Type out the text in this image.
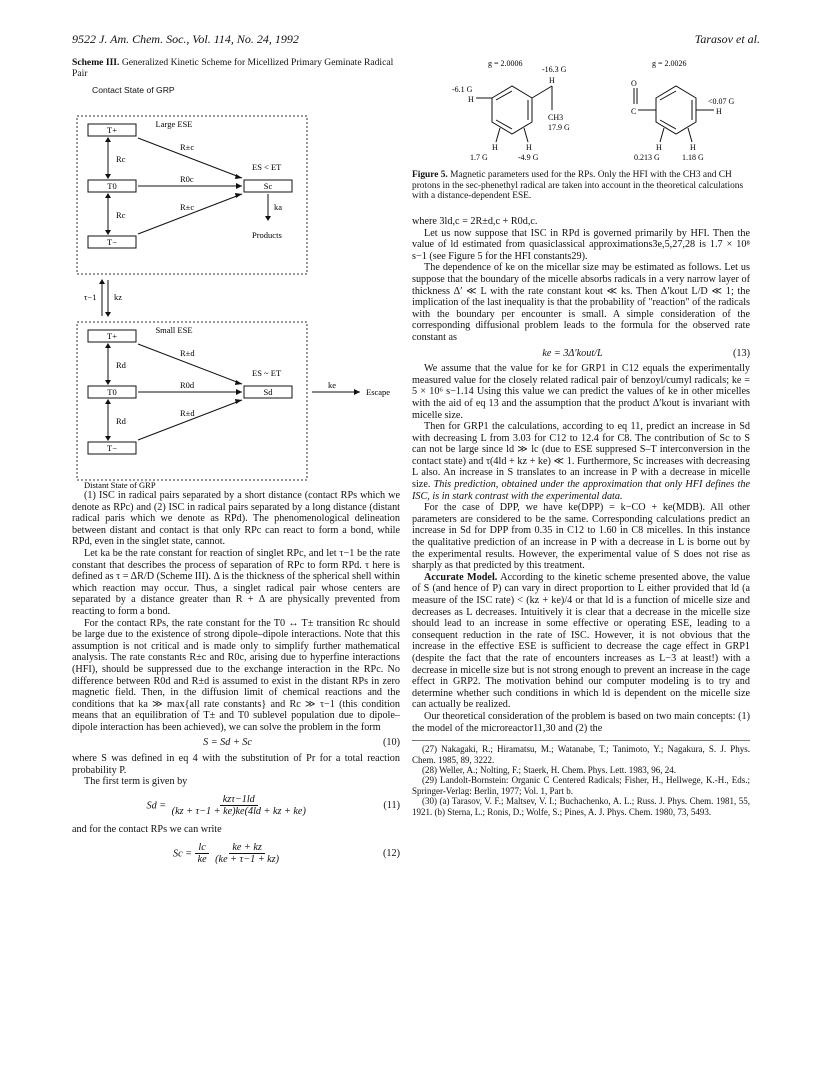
9522 J. Am. Chem. Soc., Vol. 114, No. 24, 1992	Tarasov et al.
Scheme III. Generalized Kinetic Scheme for Micellized Primary Geminate Radical Pair
Contact State of GRP
T+
T0
T−
Sc
Large ESE
Rc
Rc
R±c
R0c
R±c
ES < ET
ka
Products
τ−1 kz
T+
T0
T−
Sd
Small ESE
Rd
Rd
R±d
R0d
R±d
ES ~ ET
ke
Escape
Distant State of GRP
g = 2.0006	g = 2.0026
-16.3 G
H
-6.1 G
H
CH3
17.9 G
H	H
1.7 G	-4.9 G
O
C
<0.07 G
H
H	H
0.213 G	1.18 G
Figure 5. Magnetic parameters used for the RPs. Only the HFI with the CH3 and CH protons in the sec-phenethyl radical are taken into account in the theoretical calculations with a distance-dependent ESE.

(1) ISC in radical pairs separated by a short distance (contact RPs which we denote as RPc) and (2) ISC in radical pairs separated by a long distance (distant radical paris which we denote as RPd). The phenomenological delineation between distant and contact is that only RPc can react to form a bond, while RPd, even in the singlet state, cannot.

Let ka be the rate constant for reaction of singlet RPc, and let τ−1 be the rate constant that describes the process of separation of RPc to form RPd. τ here is defined as τ = ΔR/D (Scheme III). Δ is the thickness of the spherical shell within which reaction may occur. Thus, a singlet radical pair whose centers are separated by a distance greater than R + Δ are physically prevented from reacting to form a bond.

For the contact RPs, the rate constant for the T0 ↔ T± transition Rc should be large due to the existence of strong dipole–dipole interactions. Note that this assumption is not critical and is made only to simplify further mathematical analysis. The rate constants R±c and R0c, arising due to hyperfine interactions (HFI), should be suppressed due to the exchange interaction in the RPc. No difference between R0d and R±d is assumed to exist in the distant RPs in zero magnetic field. Then, in the diffusion limit of chemical reactions and the conditions that ka ≫ max{all rate constants} and Rc ≫ τ−1 (this condition means that an equilibration of T± and T0 sublevel population due to dipole–dipole interaction has been achieved), we can solve the problem in the form

S = Sd + Sc	(10)

where S was defined in eq 4 with the substitution of Pr for a total reaction probability P.

The first term is given by

$Sd = \frac{\text{kzτ−1ld}}{(kz + \tau-1 + ke)ke(4ld + kz + ke)}$	(11)

and for the contact RPs we can write

$Sc = \frac{lc}{ke}$
$\frac{ke + kz}{(ke + \tau-1 + kz)}$	(12)

where 3ld,c = 2R±d,c + R0d,c.

Let us now suppose that ISC in RPd is governed primarily by HFI. Then the value of ld estimated from quasiclassical approximations3e,5,27,28 is 1.7 × 10⁸ s−1 (see Figure 5 for the HFI constants29).

The dependence of ke on the micellar size may be estimated as follows. Let us suppose that the boundary of the micelle absorbs radicals in a very narrow layer of thickness Δ′ ≪ L with the rate constant kout ≪ ks. Then Δ′kout L/D ≪ 1; the implication of the last inequality is that the probability of "reaction" of the radicals with the boundary per encounter is small. A simple consideration of the corresponding diffusional problem leads to the formula for the observed rate constant as

ke = 3Δ′kout/L	(13)

We assume that the value for ke for GRP1 in C12 equals the experimentally measured value for the closely related radical pair of benzoyl/cumyl radicals; ke = 5 × 10⁶ s−1.14 Using this value we can predict the values of ke in other micelles with the aid of eq 13 and the assumption that the product Δ′kout is invariant with micelle size.

Then for GRP1 the calculations, according to eq 11, predict an increase in Sd with decreasing L from 3.03 for C12 to 12.4 for C8. The contribution of Sc to S can not be large since ld ≫ lc (due to ESE suppresed S–T interconversion in the contact state) and τ(4ld + kz + ke) ≪ 1. Furthermore, Sc increases with decreasing L also. An increase in S translates to an increase in P with a decrease in micelle size. This prediction, obtained under the approximation that only HFI defines the ISC, is in stark contrast with the experimental data.

For the case of DPP, we have ke(DPP) = k−CO + ke(MDB). All other parameters are considered to be the same. Corresponding calculations predict an increase in Sd for DPP from 0.35 in C12 to 1.60 in C8 micelles. In this instance the qualitative prediction of an increase in P with a decrease in L is borne out by the experimental results. However, the experimental value of S does not rise as sharply as that predicted by this treatment.

Accurate Model. According to the kinetic scheme presented above, the value of S (and hence of P) can vary in direct proportion to L either provided that ld (a measure of the ISC rate) < (kz + ke)/4 or that ld is a function of micelle size and decreases as L decreases. Intuitively it is clear that a decrease in the micelle size should lead to an increase in some effective or operating ESE, leading to a consequent reduction in the rate of ISC. However, it is not obvious that the increase in the effective ESE is sufficient to decrease the cage effect in GRP1 (despite the fact that the rate of encounters increases as L−3 at least!) with a decrease in micelle size but is not strong enough to prevent an increase in the cage effect in GRP2. The motivation behind our computer modeling is to try and determine whether such conditions in which ld is dependent on the micelle size can actually be realized.

Our theoretical consideration of the problem is based on two main concepts: (1) the model of the microreactor11,30 and (2) the

(27) Nakagaki, R.; Hiramatsu, M.; Watanabe, T.; Tanimoto, Y.; Nagakura, S. J. Phys. Chem. 1985, 89, 3222.

(28) Weller, A.; Nolting, F.; Staerk, H. Chem. Phys. Lett. 1983, 96, 24.

(29) Landolt-Bornstein: Organic C Centered Radicals; Fisher, H., Hellwege, K.-H., Eds.; Springer-Verlag: Berlin, 1977; Vol. 1, Part b.

(30) (a) Tarasov, V. F.; Maltsev, V. I.; Buchachenko, A. L.; Russ. J. Phys. Chem. 1981, 55, 1921. (b) Sterna, L.; Ronis, D.; Wolfe, S.; Pines, A. J. Phys. Chem. 1980, 73, 5493.
